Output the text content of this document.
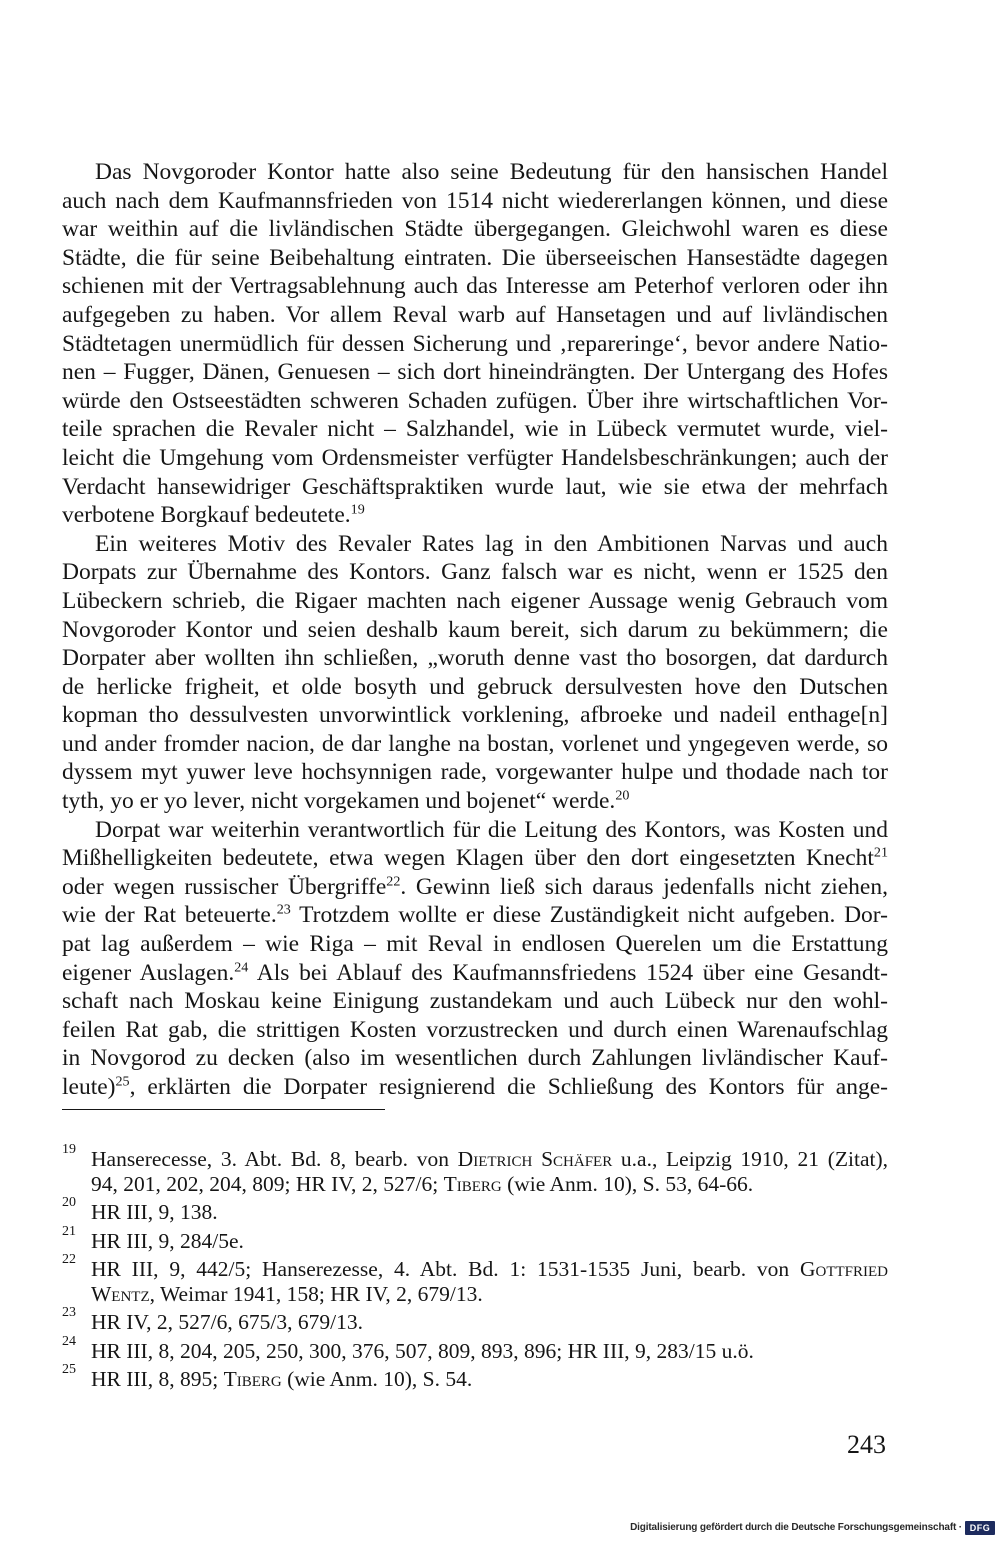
Das Novgoroder Kontor hatte also seine Bedeutung für den hansischen Handel
auch nach dem Kaufmannsfrieden von 1514 nicht wiedererlangen können, und diese
war weithin auf die livländischen Städte übergegangen. Gleichwohl waren es diese
Städte, die für seine Beibehaltung eintraten. Die überseeischen Hansestädte dagegen
schienen mit der Vertragsablehnung auch das Interesse am Peterhof verloren oder ihn
aufgegeben zu haben. Vor allem Reval warb auf Hansetagen und auf livländischen
Städtetagen unermüdlich für dessen Sicherung und ‚repareringe‘, bevor andere Natio-
nen – Fugger, Dänen, Genuesen – sich dort hineindrängten. Der Untergang des Hofes
würde den Ostseestädten schweren Schaden zufügen. Über ihre wirtschaftlichen Vor-
teile sprachen die Revaler nicht – Salzhandel, wie in Lübeck vermutet wurde, viel-
leicht die Umgehung vom Ordensmeister verfügter Handelsbeschränkungen; auch der
Verdacht hansewidriger Geschäftspraktiken wurde laut, wie sie etwa der mehrfach
verbotene Borgkauf bedeutete.$^{19}$
Ein weiteres Motiv des Revaler Rates lag in den Ambitionen Narvas und auch
Dorpats zur Übernahme des Kontors. Ganz falsch war es nicht, wenn er 1525 den
Lübeckern schrieb, die Rigaer machten nach eigener Aussage wenig Gebrauch vom
Novgoroder Kontor und seien deshalb kaum bereit, sich darum zu bekümmern; die
Dorpater aber wollten ihn schließen, „woruth denne vast tho bosorgen, dat dardurch
de herlicke frigheit, et olde bosyth und gebruck dersulvesten hove den Dutschen
kopman tho dessulvesten unvorwintlick vorklening, afbroeke und nadeil enthage[n]
und ander fromder nacion, de dar langhe na bostan, vorlenet und yngegeven werde, so
dyssem myt yuwer leve hochsynnigen rade, vorgewanter hulpe und thodade nach tor
tyth, yo er yo lever, nicht vorgekamen und bojenet“ werde.$^{20}$
Dorpat war weiterhin verantwortlich für die Leitung des Kontors, was Kosten und
Mißhelligkeiten bedeutete, etwa wegen Klagen über den dort eingesetzten Knecht$^{21}$
oder wegen russischer Übergriffe$^{22}$. Gewinn ließ sich daraus jedenfalls nicht ziehen,
wie der Rat beteuerte.$^{23}$ Trotzdem wollte er diese Zuständigkeit nicht aufgeben. Dor-
pat lag außerdem – wie Riga – mit Reval in endlosen Querelen um die Erstattung
eigener Auslagen.$^{24}$ Als bei Ablauf des Kaufmannsfriedens 1524 über eine Gesandt-
schaft nach Moskau keine Einigung zustandekam und auch Lübeck nur den wohl-
feilen Rat gab, die strittigen Kosten vorzustrecken und durch einen Warenaufschlag
in Novgorod zu decken (also im wesentlichen durch Zahlungen livländischer Kauf-
leute)$^{25}$, erklärten die Dorpater resignierend die Schließung des Kontors für ange-
19 Hanserecesse, 3. Abt. Bd. 8, bearb. von Dietrich Schäfer u.a., Leipzig 1910, 21 (Zitat),
94, 201, 202, 204, 809; HR IV, 2, 527/6; Tiberg (wie Anm. 10), S. 53, 64-66.
20 HR III, 9, 138.
21 HR III, 9, 284/5e.
22 HR III, 9, 442/5; Hanserezesse, 4. Abt. Bd. 1: 1531-1535 Juni, bearb. von Gottfried
Wentz, Weimar 1941, 158; HR IV, 2, 679/13.
23 HR IV, 2, 527/6, 675/3, 679/13.
24 HR III, 8, 204, 205, 250, 300, 376, 507, 809, 893, 896; HR III, 9, 283/15 u.ö.
25 HR III, 8, 895; Tiberg (wie Anm. 10), S. 54.
243
Digitalisierung gefördert durch die Deutsche Forschungsgemeinschaft · DFG
